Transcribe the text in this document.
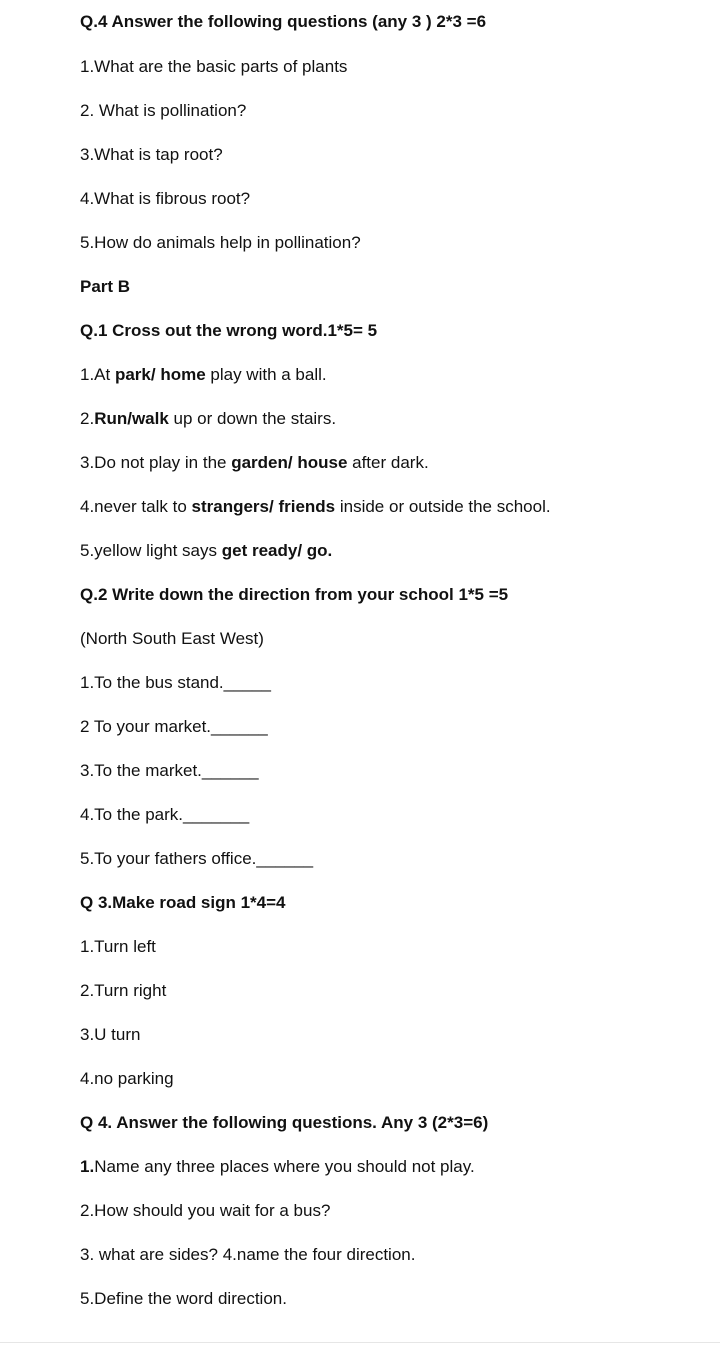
Q.4 Answer the following questions (any 3 ) 2*3 =6
1.What are the basic parts of plants
2. What is pollination?
3.What is tap root?
4.What is fibrous root?
5.How do animals help in pollination?
Part B
Q.1 Cross out the wrong word.1*5= 5
1.At park/ home play with a ball.
2.Run/walk up or down the stairs.
3.Do not play in the garden/ house after dark.
4.never talk to strangers/ friends inside or outside the school.
5.yellow light says get ready/ go.
Q.2 Write down the direction from your school 1*5 =5
(North South East West)
1.To the bus stand._____
2 To your market.______
3.To the market.______
4.To the park._______
5.To your fathers office.______
Q 3.Make road sign 1*4=4
1.Turn left
2.Turn right
3.U turn
4.no parking
Q 4. Answer the following questions. Any 3 (2*3=6)
1.Name any three places where you should not play.
2.How should you wait for a bus?
3. what are sides? 4.name the four direction.
5.Define the word direction.
